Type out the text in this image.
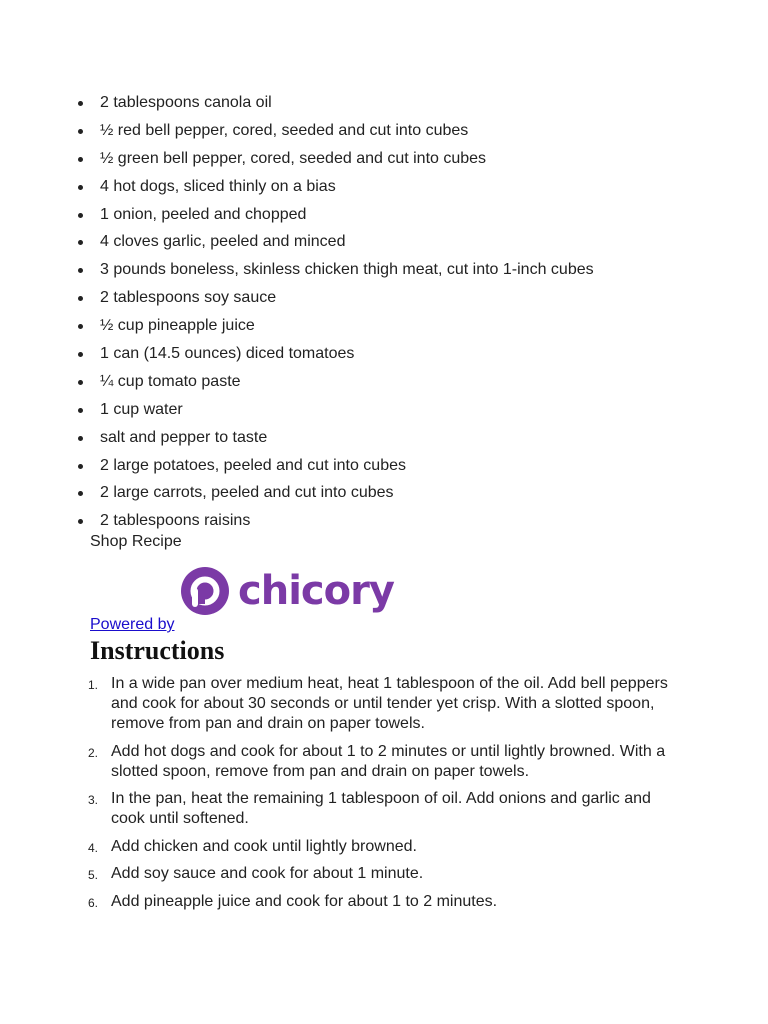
2 tablespoons canola oil
½ red bell pepper, cored, seeded and cut into cubes
½ green bell pepper, cored, seeded and cut into cubes
4 hot dogs, sliced thinly on a bias
1 onion, peeled and chopped
4 cloves garlic, peeled and minced
3 pounds boneless, skinless chicken thigh meat, cut into 1-inch cubes
2 tablespoons soy sauce
½ cup pineapple juice
1 can (14.5 ounces) diced tomatoes
¼ cup tomato paste
1 cup water
salt and pepper to taste
2 large potatoes, peeled and cut into cubes
2 large carrots, peeled and cut into cubes
2 tablespoons raisins
Shop Recipe
chicory
Powered by
Instructions
1. In a wide pan over medium heat, heat 1 tablespoon of the oil. Add bell peppers and cook for about 30 seconds or until tender yet crisp. With a slotted spoon, remove from pan and drain on paper towels.
2. Add hot dogs and cook for about 1 to 2 minutes or until lightly browned. With a slotted spoon, remove from pan and drain on paper towels.
3. In the pan, heat the remaining 1 tablespoon of oil. Add onions and garlic and cook until softened.
4. Add chicken and cook until lightly browned.
5. Add soy sauce and cook for about 1 minute.
6. Add pineapple juice and cook for about 1 to 2 minutes.
